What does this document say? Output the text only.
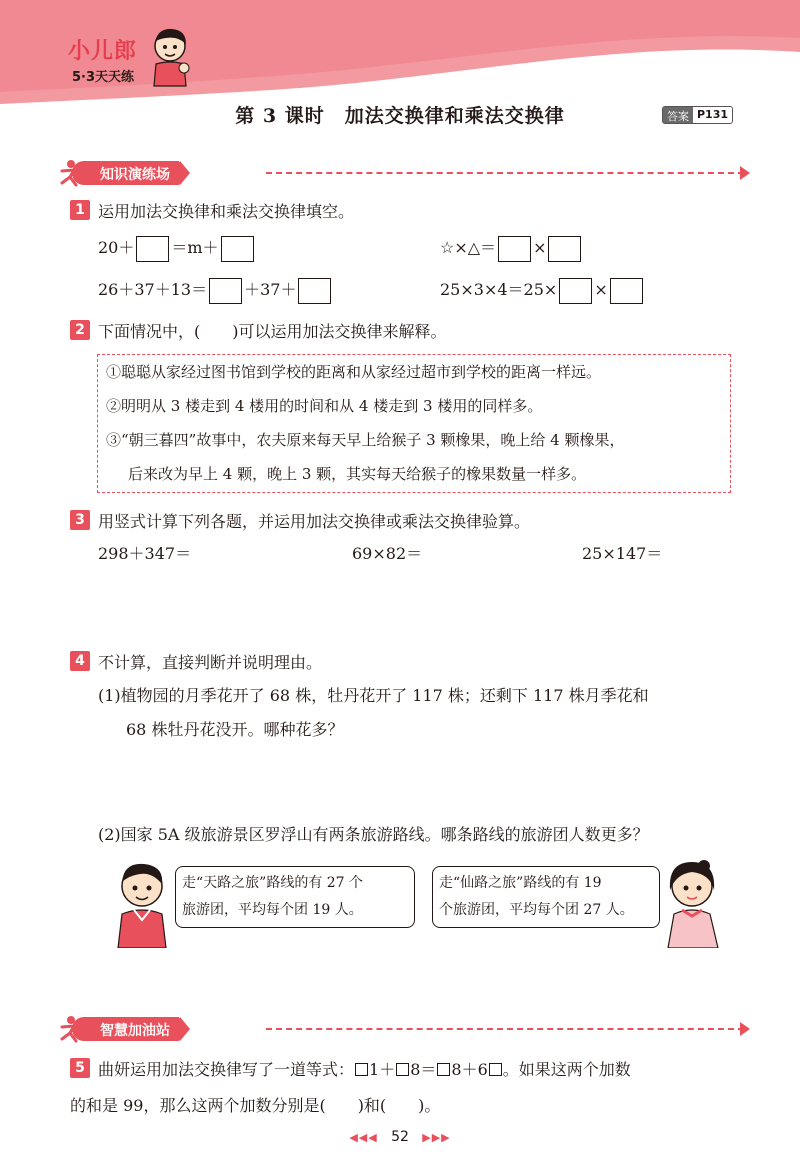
小儿郎
5·3天天练
第 3 课时　加法交换律和乘法交换律	答案 P131
知识演练场
1 运用加法交换律和乘法交换律填空。
20＋ ＝m＋	☆×△＝ ×
26＋37＋13＝ ＋37＋	25×3×4＝25× ×
2 下面情况中，(　　)可以运用加法交换律来解释。
①聪聪从家经过图书馆到学校的距离和从家经过超市到学校的距离一样远。
②明明从 3 楼走到 4 楼用的时间和从 4 楼走到 3 楼用的同样多。
③“朝三暮四”故事中，农夫原来每天早上给猴子 3 颗橡果，晚上给 4 颗橡果，
后来改为早上 4 颗，晚上 3 颗，其实每天给猴子的橡果数量一样多。
3 用竖式计算下列各题，并运用加法交换律或乘法交换律验算。
298＋347＝	69×82＝	25×147＝
4 不计算，直接判断并说明理由。
(1)植物园的月季花开了 68 株，牡丹花开了 117 株；还剩下 117 株月季花和
68 株牡丹花没开。哪种花多？
(2)国家 5A 级旅游景区罗浮山有两条旅游路线。哪条路线的旅游团人数更多？
走“天路之旅”路线的有 27 个
旅游团，平均每个团 19 人。
走“仙路之旅”路线的有 19
个旅游团，平均每个团 27 人。
智慧加油站
5 曲妍运用加法交换律写了一道等式： 1＋ 8＝ 8＋6 。如果这两个加数
的和是 99，那么这两个加数分别是(　　)和(　　)。
◀◀◀ 52 ▶▶▶
